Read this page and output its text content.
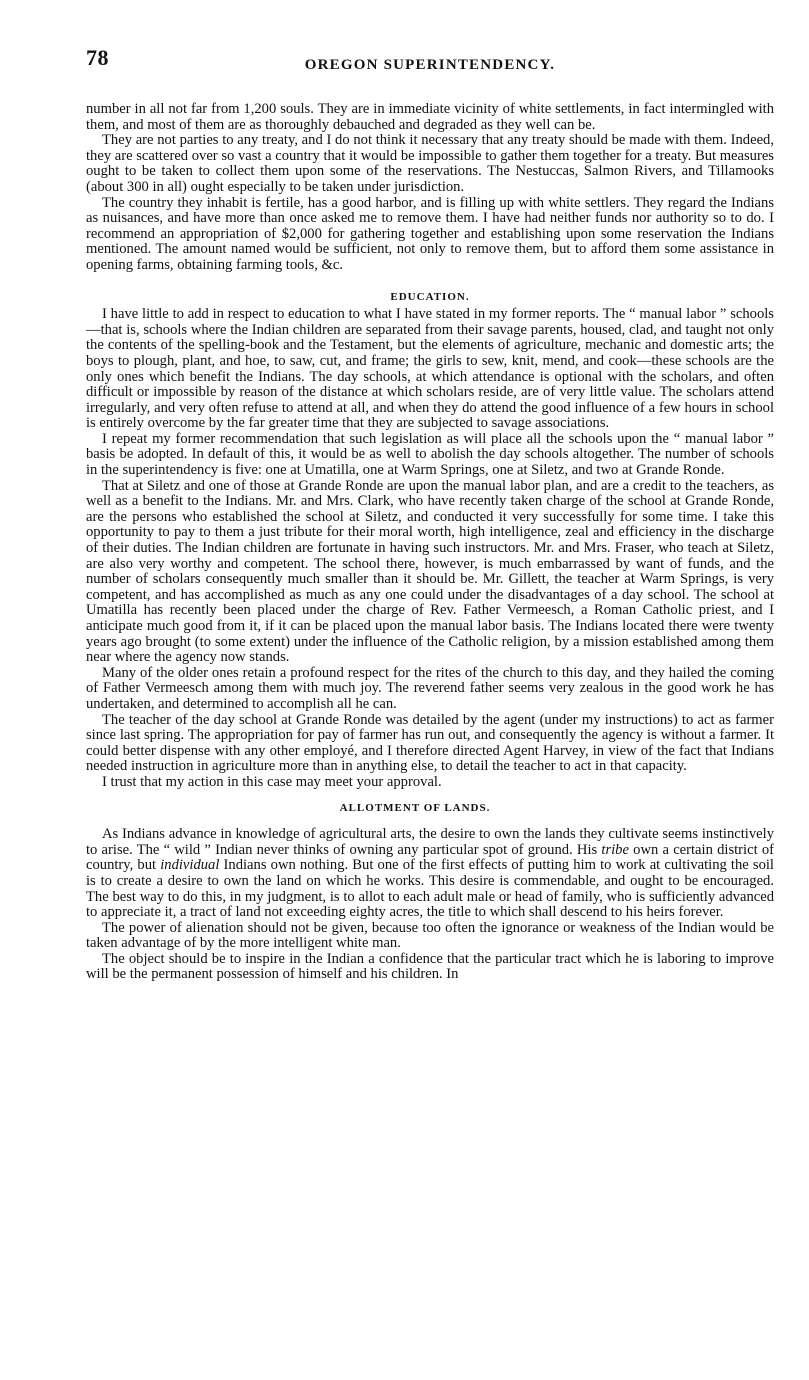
78	OREGON SUPERINTENDENCY.

number in all not far from 1,200 souls. They are in immediate vicinity of white settlements, in fact intermingled with them, and most of them are as thoroughly debauched and degraded as they well can be.

They are not parties to any treaty, and I do not think it necessary that any treaty should be made with them. Indeed, they are scattered over so vast a country that it would be impossible to gather them together for a treaty. But measures ought to be taken to collect them upon some of the reservations. The Nestuccas, Salmon Rivers, and Tillamooks (about 300 in all) ought especially to be taken under jurisdiction.

The country they inhabit is fertile, has a good harbor, and is filling up with white settlers. They regard the Indians as nuisances, and have more than once asked me to remove them. I have had neither funds nor authority so to do. I recommend an appropriation of $2,000 for gathering together and establishing upon some reservation the Indians mentioned. The amount named would be sufficient, not only to remove them, but to afford them some assistance in opening farms, obtaining farming tools, &c.

EDUCATION.

I have little to add in respect to education to what I have stated in my former reports. The “ manual labor ” schools—that is, schools where the Indian children are separated from their savage parents, housed, clad, and taught not only the contents of the spelling-book and the Testament, but the elements of agriculture, mechanic and domestic arts; the boys to plough, plant, and hoe, to saw, cut, and frame; the girls to sew, knit, mend, and cook—these schools are the only ones which benefit the Indians. The day schools, at which attendance is optional with the scholars, and often difficult or impossible by reason of the distance at which scholars reside, are of very little value. The scholars attend irregularly, and very often refuse to attend at all, and when they do attend the good influence of a few hours in school is entirely overcome by the far greater time that they are subjected to savage associations.

I repeat my former recommendation that such legislation as will place all the schools upon the “ manual labor ” basis be adopted. In default of this, it would be as well to abolish the day schools altogether. The number of schools in the superintendency is five: one at Umatilla, one at Warm Springs, one at Siletz, and two at Grande Ronde.

That at Siletz and one of those at Grande Ronde are upon the manual labor plan, and are a credit to the teachers, as well as a benefit to the Indians. Mr. and Mrs. Clark, who have recently taken charge of the school at Grande Ronde, are the persons who established the school at Siletz, and conducted it very successfully for some time. I take this opportunity to pay to them a just tribute for their moral worth, high intelligence, zeal and efficiency in the discharge of their duties. The Indian children are fortunate in having such instructors. Mr. and Mrs. Fraser, who teach at Siletz, are also very worthy and competent. The school there, however, is much embarrassed by want of funds, and the number of scholars consequently much smaller than it should be. Mr. Gillett, the teacher at Warm Springs, is very competent, and has accomplished as much as any one could under the disadvantages of a day school. The school at Umatilla has recently been placed under the charge of Rev. Father Vermeesch, a Roman Catholic priest, and I anticipate much good from it, if it can be placed upon the manual labor basis. The Indians located there were twenty years ago brought (to some extent) under the influence of the Catholic religion, by a mission established among them near where the agency now stands.

Many of the older ones retain a profound respect for the rites of the church to this day, and they hailed the coming of Father Vermeesch among them with much joy. The reverend father seems very zealous in the good work he has undertaken, and determined to accomplish all he can.

The teacher of the day school at Grande Ronde was detailed by the agent (under my instructions) to act as farmer since last spring. The appropriation for pay of farmer has run out, and consequently the agency is without a farmer. It could better dispense with any other employé, and I therefore directed Agent Harvey, in view of the fact that Indians needed instruction in agriculture more than in anything else, to detail the teacher to act in that capacity.

I trust that my action in this case may meet your approval.

ALLOTMENT OF LANDS.

As Indians advance in knowledge of agricultural arts, the desire to own the lands they cultivate seems instinctively to arise. The “ wild ” Indian never thinks of owning any particular spot of ground. His tribe own a certain district of country, but individual Indians own nothing. But one of the first effects of putting him to work at cultivating the soil is to create a desire to own the land on which he works. This desire is commendable, and ought to be encouraged. The best way to do this, in my judgment, is to allot to each adult male or head of family, who is sufficiently advanced to appreciate it, a tract of land not exceeding eighty acres, the title to which shall descend to his heirs forever.

The power of alienation should not be given, because too often the ignorance or weakness of the Indian would be taken advantage of by the more intelligent white man.

The object should be to inspire in the Indian a confidence that the particular tract which he is laboring to improve will be the permanent possession of himself and his children. In
